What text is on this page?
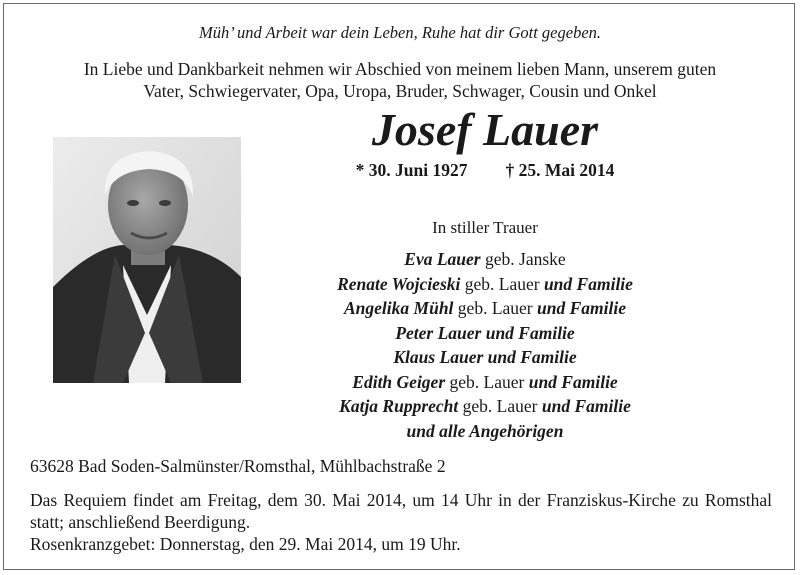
Müh’ und Arbeit war dein Leben, Ruhe hat dir Gott gegeben.
In Liebe und Dankbarkeit nehmen wir Abschied von meinem lieben Mann, unserem guten
Vater, Schwiegervater, Opa, Uropa, Bruder, Schwager, Cousin und Onkel
Josef Lauer
* 30. Juni 1927 † 25. Mai 2014
In stiller Trauer
Eva Lauer geb. Janske
Renate Wojcieski geb. Lauer und Familie
Angelika Mühl geb. Lauer und Familie
Peter Lauer und Familie
Klaus Lauer und Familie
Edith Geiger geb. Lauer und Familie
Katja Rupprecht geb. Lauer und Familie
und alle Angehörigen
63628 Bad Soden-Salmünster/Romsthal, Mühlbachstraße 2

Das Requiem findet am Freitag, dem 30. Mai 2014, um 14 Uhr in der Franziskus-Kirche zu Romsthal statt; anschließend Beerdigung.

Rosenkranzgebet: Donnerstag, den 29. Mai 2014, um 19 Uhr.
